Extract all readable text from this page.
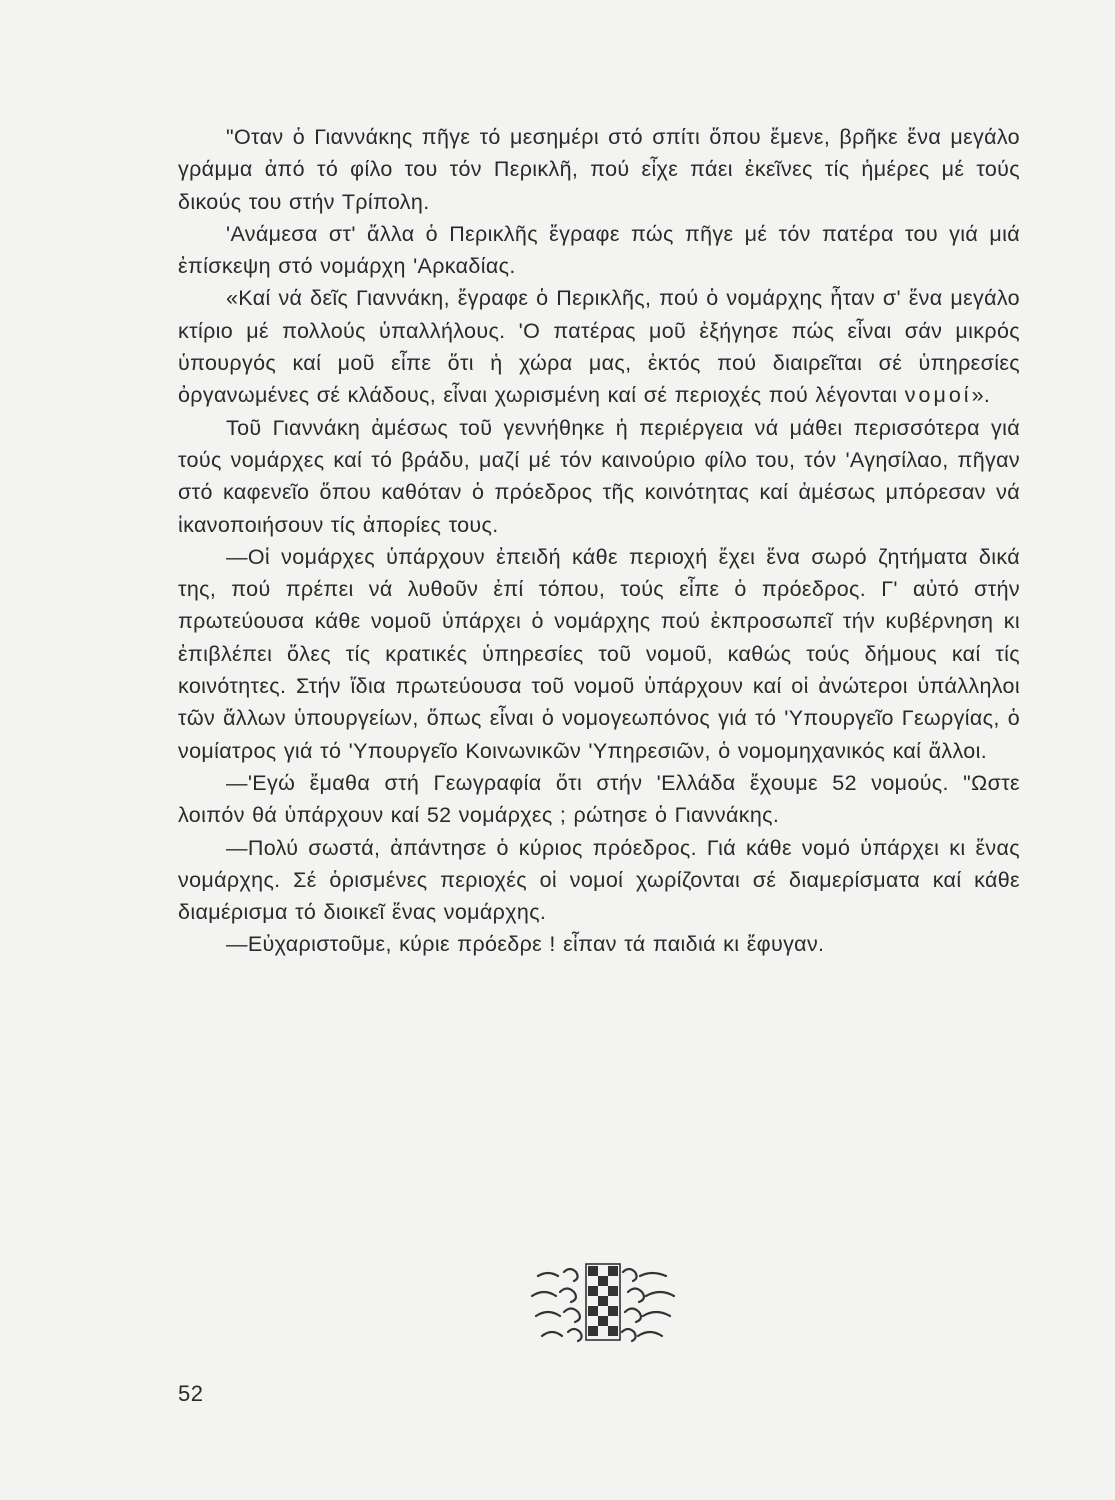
"Οταν ὁ Γιαννάκης πῆγε τό μεσημέρι στό σπίτι ὅπου ἔμενε, βρῆκε ἕνα μεγάλο γράμμα ἀπό τό φίλο του τόν Περικλῆ, πού εἶχε πάει ἐκεῖνες τίς ἡμέρες μέ τούς δικούς του στήν Τρίπολη.

'Ανάμεσα στ' ἄλλα ὁ Περικλῆς ἔγραφε πώς πῆγε μέ τόν πατέρα του γιά μιά ἐπίσκεψη στό νομάρχη 'Αρκαδίας.

«Καί νά δεῖς Γιαννάκη, ἔγραφε ὁ Περικλῆς, πού ὁ νομάρχης ἦταν σ' ἕνα μεγάλο κτίριο μέ πολλούς ὑπαλλήλους. 'Ο πατέρας μοῦ ἐξήγησε πώς εἶναι σάν μικρός ὑπουργός καί μοῦ εἶπε ὅτι ἡ χώρα μας, ἐκτός πού διαιρεῖται σέ ὑπηρεσίες ὀργανωμένες σέ κλάδους, εἶναι χωρισμένη καί σέ περιοχές πού λέγονται νομοί».

Τοῦ Γιαννάκη ἀμέσως τοῦ γεννήθηκε ἡ περιέργεια νά μάθει περισσότερα γιά τούς νομάρχες καί τό βράδυ, μαζί μέ τόν καινούριο φίλο του, τόν 'Αγησίλαο, πῆγαν στό καφενεῖο ὅπου καθόταν ὁ πρόεδρος τῆς κοινότητας καί ἀμέσως μπόρεσαν νά ἱκανοποιήσουν τίς ἀπορίες τους.

—Οἱ νομάρχες ὑπάρχουν ἐπειδή κάθε περιοχή ἔχει ἕνα σωρό ζητήματα δικά της, πού πρέπει νά λυθοῦν ἐπί τόπου, τούς εἶπε ὁ πρόεδρος. Γ' αὐτό στήν πρωτεύουσα κάθε νομοῦ ὑπάρχει ὁ νομάρχης πού ἐκπροσωπεῖ τήν κυβέρνηση κι ἐπιβλέπει ὅλες τίς κρατικές ὑπηρεσίες τοῦ νομοῦ, καθώς τούς δήμους καί τίς κοινότητες. Στήν ἴδια πρωτεύουσα τοῦ νομοῦ ὑπάρχουν καί οἱ ἀνώτεροι ὑπάλληλοι τῶν ἄλλων ὑπουργείων, ὅπως εἶναι ὁ νομογεωπόνος γιά τό 'Υπουργεῖο Γεωργίας, ὁ νομίατρος γιά τό 'Υπουργεῖο Κοινωνικῶν 'Υπηρεσιῶν, ὁ νομομηχανικός καί ἄλλοι.

—'Εγώ ἔμαθα στή Γεωγραφία ὅτι στήν 'Ελλάδα ἔχουμε 52 νομούς. "Ωστε λοιπόν θά ὑπάρχουν καί 52 νομάρχες ; ρώτησε ὁ Γιαννάκης.

—Πολύ σωστά, ἀπάντησε ὁ κύριος πρόεδρος. Γιά κάθε νομό ὑπάρχει κι ἕνας νομάρχης. Σέ ὁρισμένες περιοχές οἱ νομοί χωρίζονται σέ διαμερίσματα καί κάθε διαμέρισμα τό διοικεῖ ἕνας νομάρχης.

—Εὐχαριστοῦμε, κύριε πρόεδρε ! εἶπαν τά παιδιά κι ἔφυγαν.

52
